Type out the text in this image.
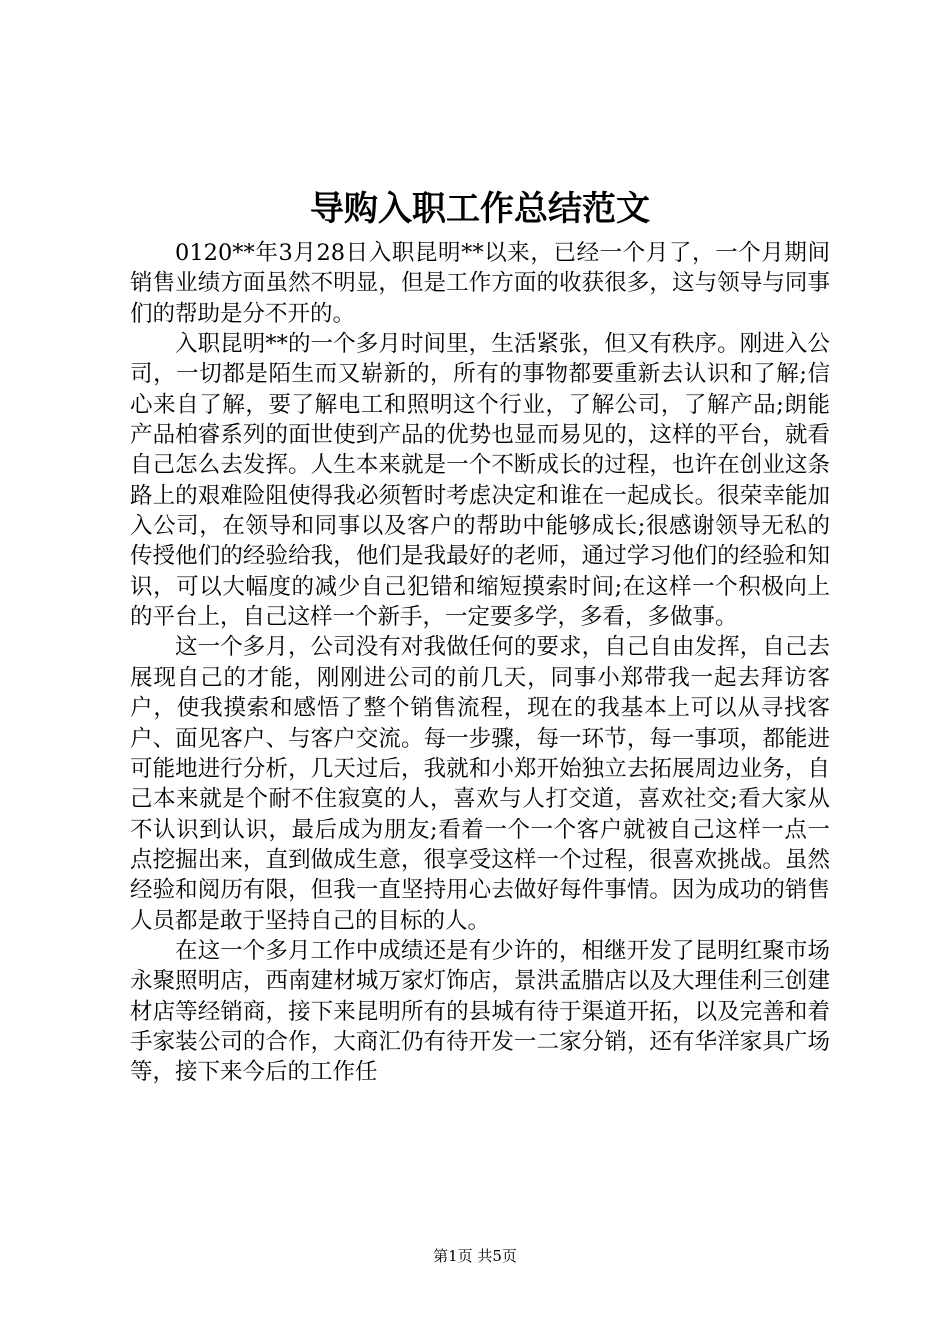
导购入职工作总结范文

0120**年3月28日入职昆明**以来，已经一个月了，一个月期间销售业绩方面虽然不明显，但是工作方面的收获很多，这与领导与同事们的帮助是分不开的。

入职昆明**的一个多月时间里，生活紧张，但又有秩序。刚进入公司，一切都是陌生而又崭新的，所有的事物都要重新去认识和了解;信心来自了解，要了解电工和照明这个行业，了解公司，了解产品;朗能产品柏睿系列的面世使到产品的优势也显而易见的，这样的平台，就看自己怎么去发挥。人生本来就是一个不断成长的过程，也许在创业这条路上的艰难险阻使得我必须暂时考虑决定和谁在一起成长。很荣幸能加入公司，在领导和同事以及客户的帮助中能够成长;很感谢领导无私的传授他们的经验给我，他们是我最好的老师，通过学习他们的经验和知识，可以大幅度的减少自己犯错和缩短摸索时间;在这样一个积极向上的平台上，自己这样一个新手，一定要多学，多看，多做事。

这一个多月，公司没有对我做任何的要求，自己自由发挥，自己去展现自己的才能，刚刚进公司的前几天，同事小郑带我一起去拜访客户，使我摸索和感悟了整个销售流程，现在的我基本上可以从寻找客户、面见客户、与客户交流。每一步骤，每一环节，每一事项，都能进可能地进行分析，几天过后，我就和小郑开始独立去拓展周边业务，自己本来就是个耐不住寂寞的人，喜欢与人打交道，喜欢社交;看大家从不认识到认识，最后成为朋友;看着一个一个客户就被自己这样一点一点挖掘出来，直到做成生意，很享受这样一个过程，很喜欢挑战。虽然经验和阅历有限，但我一直坚持用心去做好每件事情。因为成功的销售人员都是敢于坚持自己的目标的人。

在这一个多月工作中成绩还是有少许的，相继开发了昆明红聚市场永聚照明店，西南建材城万家灯饰店，景洪孟腊店以及大理佳利三创建材店等经销商，接下来昆明所有的县城有待于渠道开拓，以及完善和着手家装公司的合作，大商汇仍有待开发一二家分销，还有华洋家具广场等，接下来今后的工作任

第1页 共5页
